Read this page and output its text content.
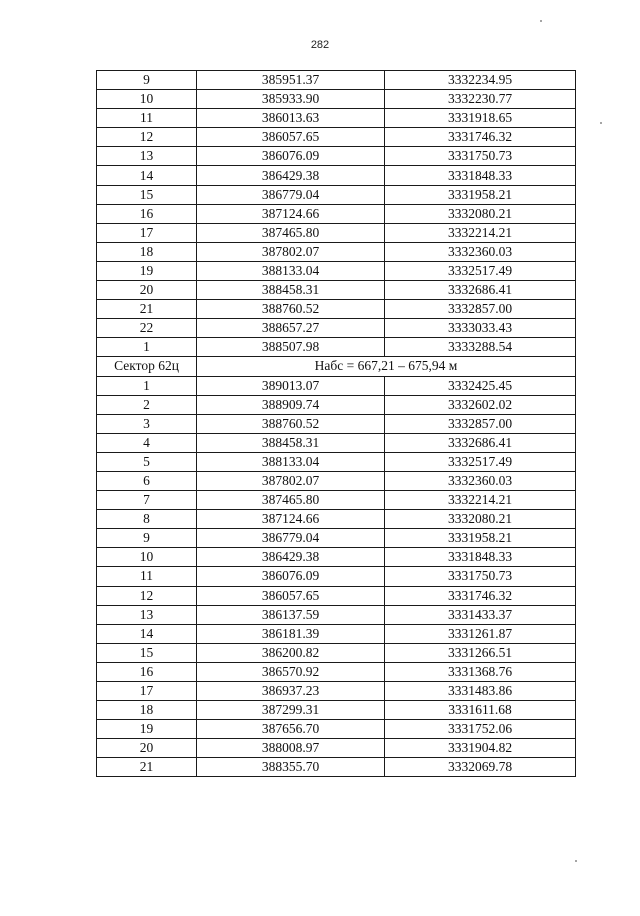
282
9	385951.37	3332234.95
10	385933.90	3332230.77
11	386013.63	3331918.65
12	386057.65	3331746.32
13	386076.09	3331750.73
14	386429.38	3331848.33
15	386779.04	3331958.21
16	387124.66	3332080.21
17	387465.80	3332214.21
18	387802.07	3332360.03
19	388133.04	3332517.49
20	388458.31	3332686.41
21	388760.52	3332857.00
22	388657.27	3333033.43
1	388507.98	3333288.54
Сектор 62ц	Набс = 667,21 – 675,94 м	
1	389013.07	3332425.45
2	388909.74	3332602.02
3	388760.52	3332857.00
4	388458.31	3332686.41
5	388133.04	3332517.49
6	387802.07	3332360.03
7	387465.80	3332214.21
8	387124.66	3332080.21
9	386779.04	3331958.21
10	386429.38	3331848.33
11	386076.09	3331750.73
12	386057.65	3331746.32
13	386137.59	3331433.37
14	386181.39	3331261.87
15	386200.82	3331266.51
16	386570.92	3331368.76
17	386937.23	3331483.86
18	387299.31	3331611.68
19	387656.70	3331752.06
20	388008.97	3331904.82
21	388355.70	3332069.78
